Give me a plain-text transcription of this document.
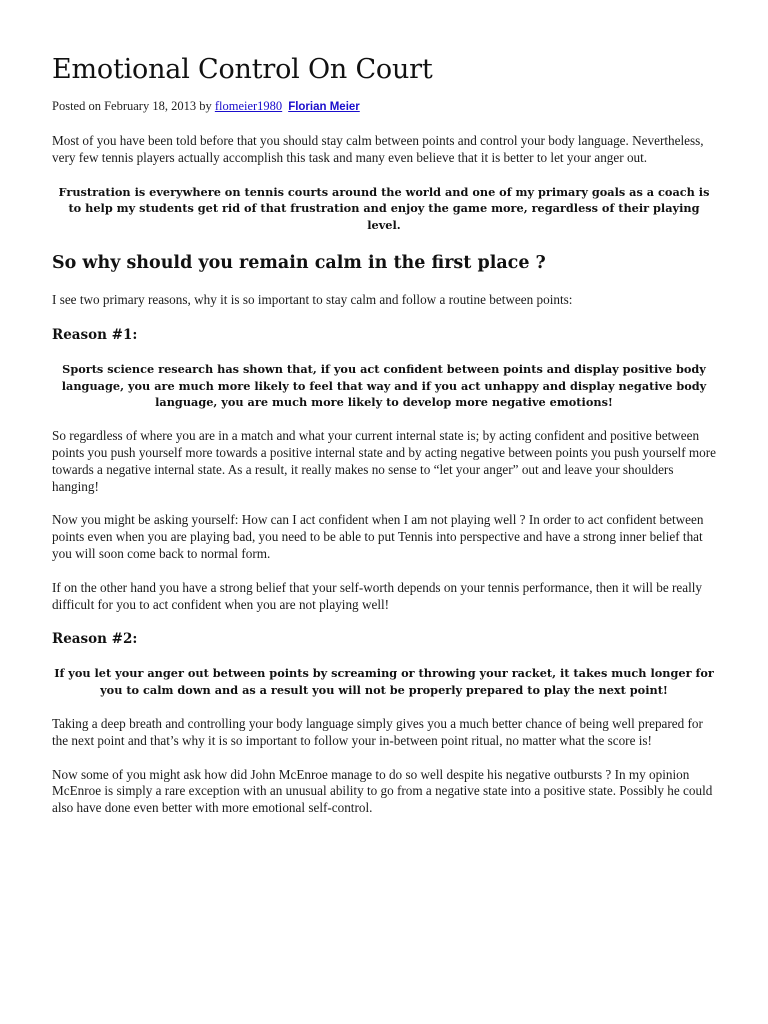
Emotional Control On Court
Posted on February 18, 2013 by flomeier1980 Florian Meier

Most of you have been told before that you should stay calm between points and control your body language. Nevertheless, very few tennis players actually accomplish this task and many even believe that it is better to let your anger out.

Frustration is everywhere on tennis courts around the world and one of my primary goals as a coach is to help my students get rid of that frustration and enjoy the game more, regardless of their playing level.

So why should you remain calm in the first place ?

I see two primary reasons, why it is so important to stay calm and follow a routine between points:

Reason #1:

Sports science research has shown that, if you act confident between points and display positive body language, you are much more likely to feel that way and if you act unhappy and display negative body language, you are much more likely to develop more negative emotions!

So regardless of where you are in a match and what your current internal state is; by acting confident and positive between points you push yourself more towards a positive internal state and by acting negative between points you push yourself more towards a negative internal state. As a result, it really makes no sense to “let your anger” out and leave your shoulders hanging!

Now you might be asking yourself: How can I act confident when I am not playing well ? In order to act confident between points even when you are playing bad, you need to be able to put Tennis into perspective and have a strong inner belief that you will soon come back to normal form.

If on the other hand you have a strong belief that your self-worth depends on your tennis performance, then it will be really difficult for you to act confident when you are not playing well!

Reason #2:

If you let your anger out between points by screaming or throwing your racket, it takes much longer for you to calm down and as a result you will not be properly prepared to play the next point!

Taking a deep breath and controlling your body language simply gives you a much better chance of being well prepared for the next point and that’s why it is so important to follow your in-between point ritual, no matter what the score is!

Now some of you might ask how did John McEnroe manage to do so well despite his negative outbursts ? In my opinion McEnroe is simply a rare exception with an unusual ability to go from a negative state into a positive state. Possibly he could also have done even better with more emotional self-control.
